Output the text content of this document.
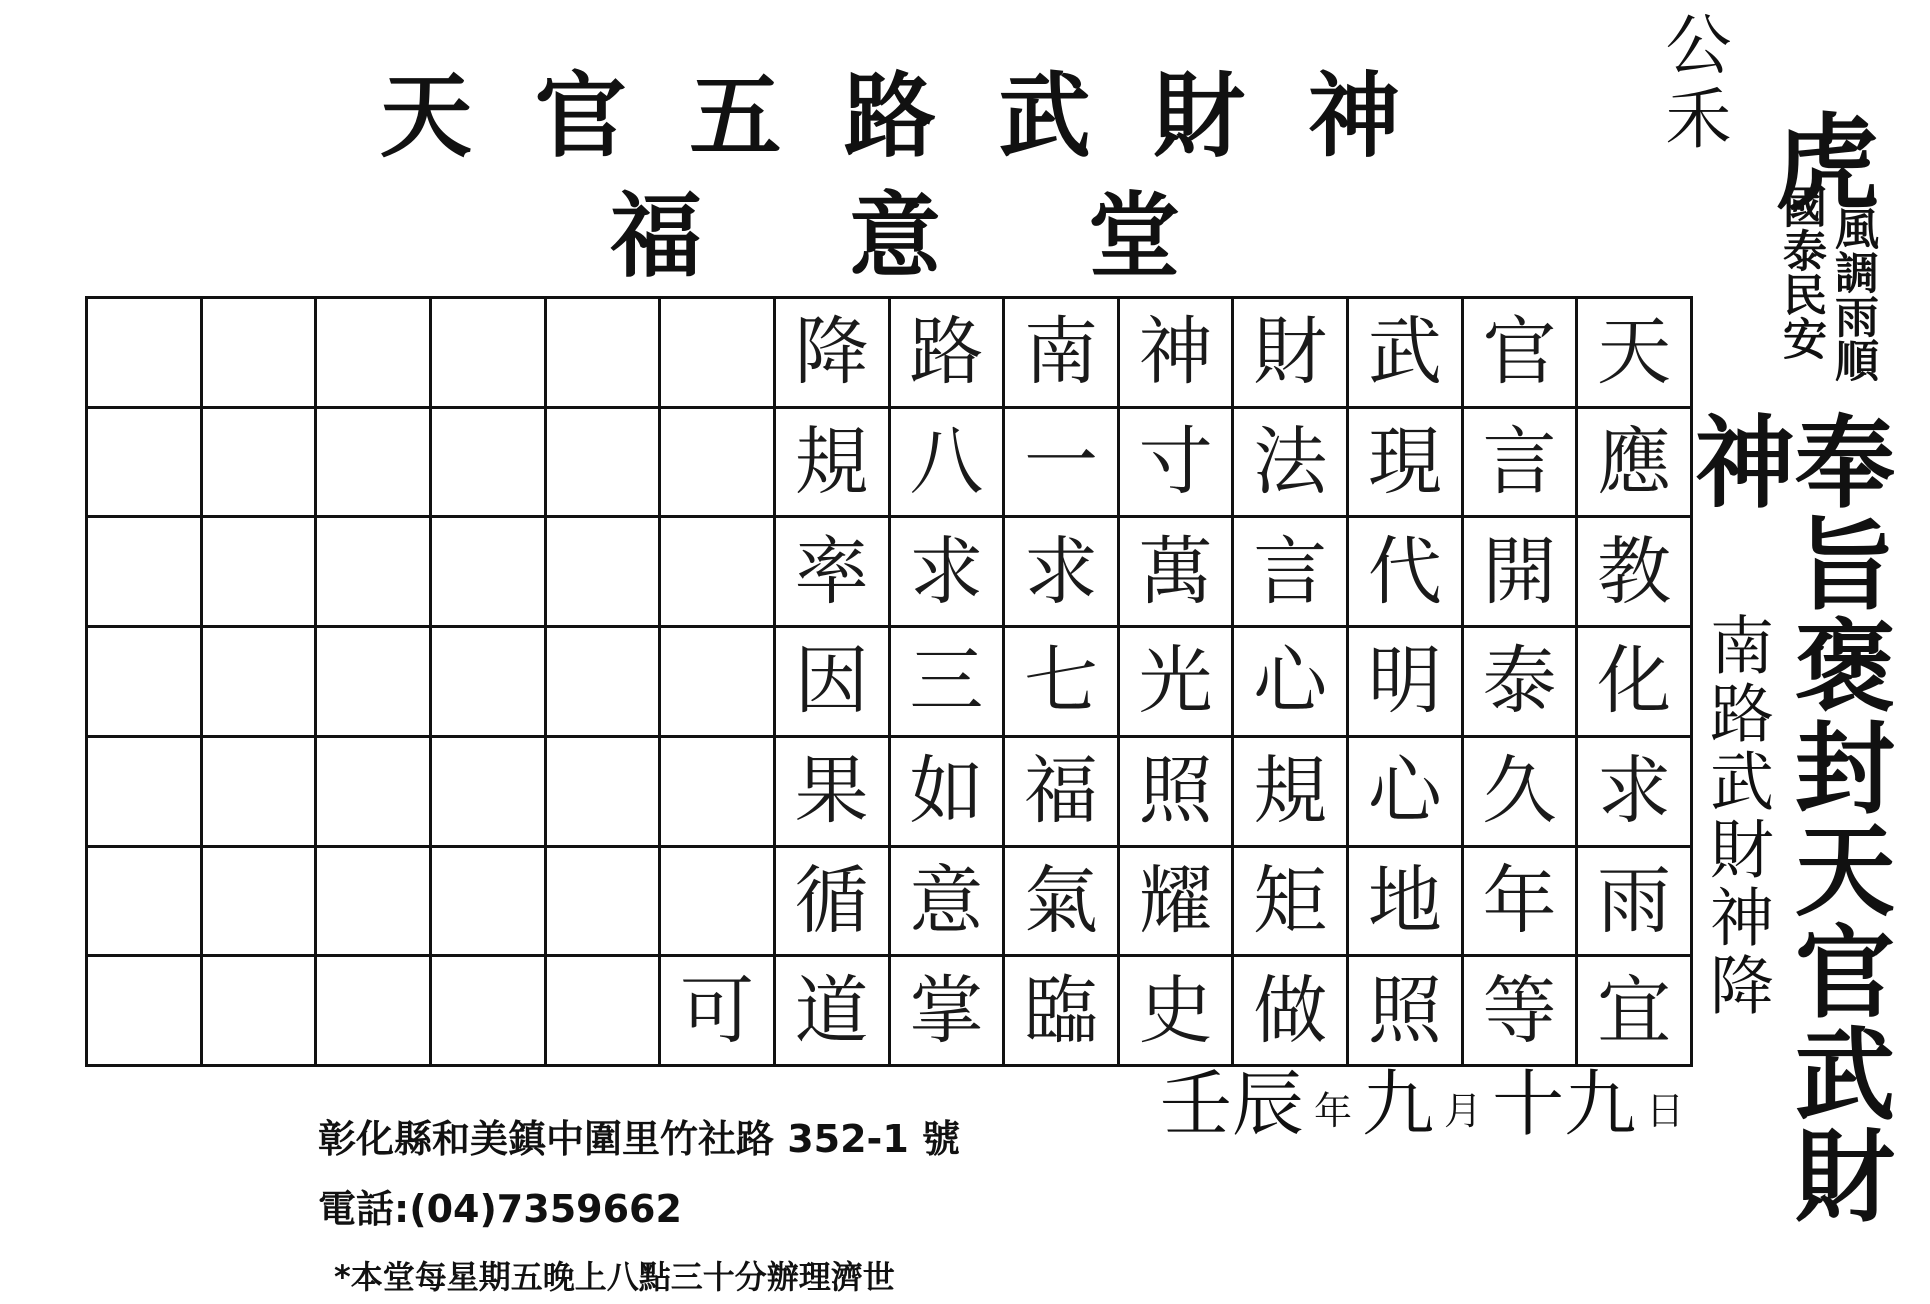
天 官 五 路 武 財 神
福 意 堂
降 路 南 神 財 武 官 天
規 八 一 寸 法 現 言 應
率 求 求 萬 言 代 開 教
因 三 七 光 心 明 泰 化
果 如 福 照 規 心 久 求
循 意 氣 耀 矩 地 年 雨
可 道 掌 臨 史 做 照 等 宜
公禾
虎
風調雨順
國泰民安
奉旨褒封天官武財神
南路武財神降
壬辰 年 九 月 十九 日
彰化縣和美鎮中圍里竹社路 352-1 號
電話:(04)7359662
*本堂每星期五晚上八點三十分辦理濟世
